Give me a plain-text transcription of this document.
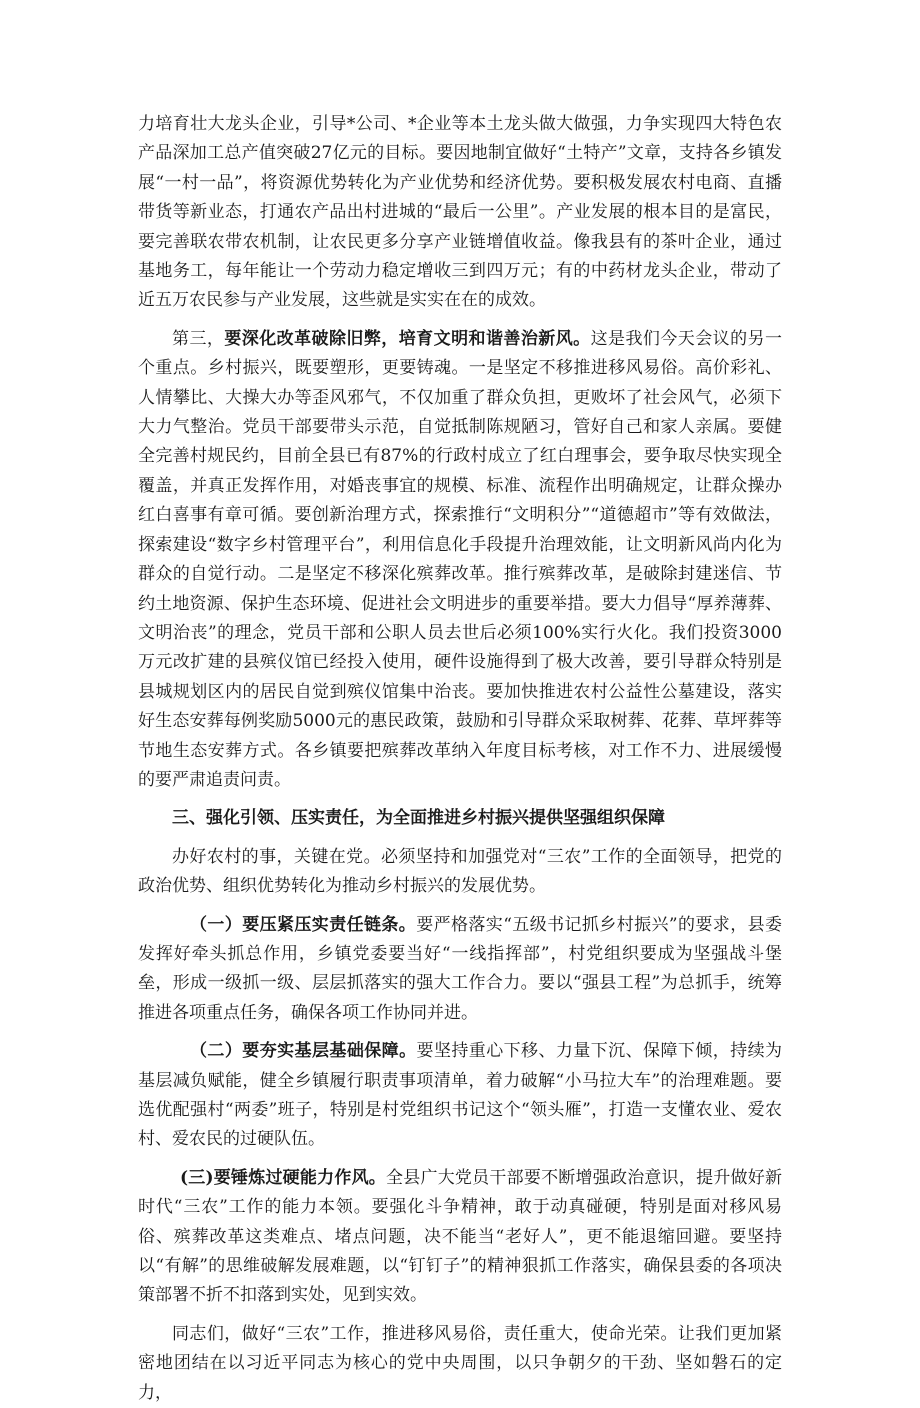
力培育壮大龙头企业，引导*公司、*企业等本土龙头做大做强，力争实现四大特色农产品深加工总产值突破27亿元的目标。要因地制宜做好“土特产”文章，支持各乡镇发展“一村一品”，将资源优势转化为产业优势和经济优势。要积极发展农村电商、直播带货等新业态，打通农产品出村进城的“最后一公里”。产业发展的根本目的是富民，要完善联农带农机制，让农民更多分享产业链增值收益。像我县有的茶叶企业，通过基地务工，每年能让一个劳动力稳定增收三到四万元；有的中药材龙头企业，带动了近五万农民参与产业发展，这些就是实实在在的成效。

第三，要深化改革破除旧弊，培育文明和谐善治新风。这是我们今天会议的另一个重点。乡村振兴，既要塑形，更要铸魂。一是坚定不移推进移风易俗。高价彩礼、人情攀比、大操大办等歪风邪气，不仅加重了群众负担，更败坏了社会风气，必须下大力气整治。党员干部要带头示范，自觉抵制陈规陋习，管好自己和家人亲属。要健全完善村规民约，目前全县已有87%的行政村成立了红白理事会，要争取尽快实现全覆盖，并真正发挥作用，对婚丧事宜的规模、标准、流程作出明确规定，让群众操办红白喜事有章可循。要创新治理方式，探索推行“文明积分”“道德超市”等有效做法，探索建设“数字乡村管理平台”，利用信息化手段提升治理效能，让文明新风尚内化为群众的自觉行动。二是坚定不移深化殡葬改革。推行殡葬改革，是破除封建迷信、节约土地资源、保护生态环境、促进社会文明进步的重要举措。要大力倡导“厚养薄葬、文明治丧”的理念，党员干部和公职人员去世后必须100%实行火化。我们投资3000万元改扩建的县殡仪馆已经投入使用，硬件设施得到了极大改善，要引导群众特别是县城规划区内的居民自觉到殡仪馆集中治丧。要加快推进农村公益性公墓建设，落实好生态安葬每例奖励5000元的惠民政策，鼓励和引导群众采取树葬、花葬、草坪葬等节地生态安葬方式。各乡镇要把殡葬改革纳入年度目标考核，对工作不力、进展缓慢的要严肃追责问责。

三、强化引领、压实责任，为全面推进乡村振兴提供坚强组织保障

办好农村的事，关键在党。必须坚持和加强党对“三农”工作的全面领导，把党的政治优势、组织优势转化为推动乡村振兴的发展优势。

（一）要压紧压实责任链条。要严格落实“五级书记抓乡村振兴”的要求，县委发挥好牵头抓总作用，乡镇党委要当好“一线指挥部”，村党组织要成为坚强战斗堡垒，形成一级抓一级、层层抓落实的强大工作合力。要以“强县工程”为总抓手，统筹推进各项重点任务，确保各项工作协同并进。

（二）要夯实基层基础保障。要坚持重心下移、力量下沉、保障下倾，持续为基层减负赋能，健全乡镇履行职责事项清单，着力破解“小马拉大车”的治理难题。要选优配强村“两委”班子，特别是村党组织书记这个“领头雁”，打造一支懂农业、爱农村、爱农民的过硬队伍。

(三)要锤炼过硬能力作风。全县广大党员干部要不断增强政治意识，提升做好新时代“三农”工作的能力本领。要强化斗争精神，敢于动真碰硬，特别是面对移风易俗、殡葬改革这类难点、堵点问题，决不能当“老好人”，更不能退缩回避。要坚持以“有解”的思维破解发展难题，以“钉钉子”的精神狠抓工作落实，确保县委的各项决策部署不折不扣落到实处，见到实效。

同志们，做好“三农”工作，推进移风易俗，责任重大，使命光荣。让我们更加紧密地团结在以习近平同志为核心的党中央周围，以只争朝夕的干劲、坚如磐石的定力，
